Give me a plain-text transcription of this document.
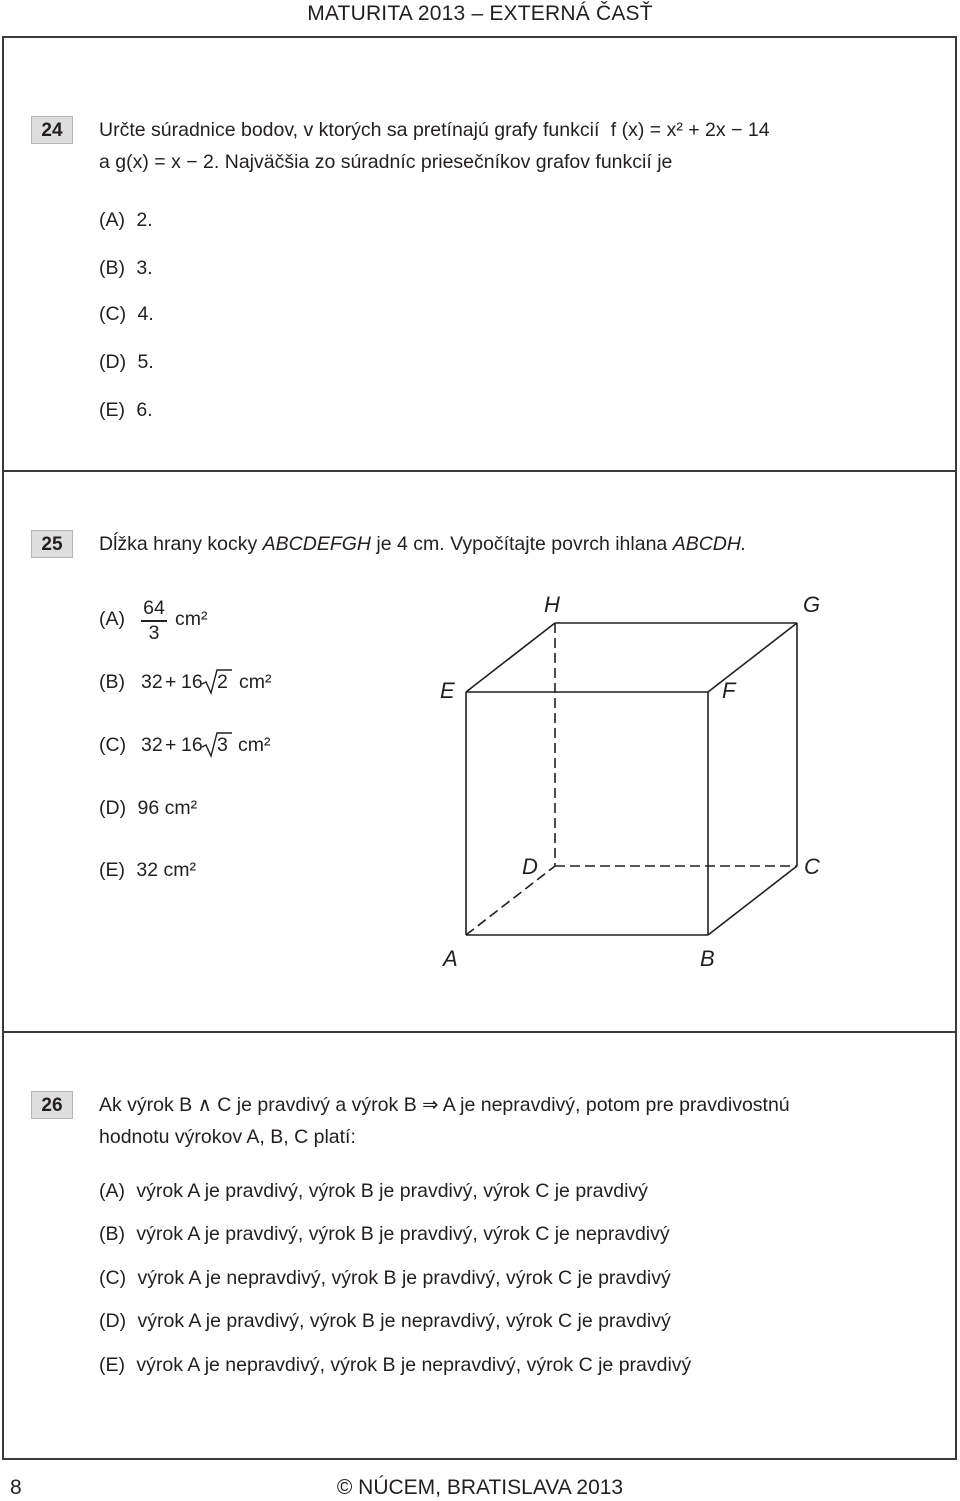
MATURITA 2013 – EXTERNÁ ČASŤ
24	Určte súradnice bodov, v ktorých sa pretínajú grafy funkcií f (x) = x² + 2x − 14
a g(x) = x − 2. Najväčšia zo súradníc priesečníkov grafov funkcií je
(A) 2.
(B) 3.
(C) 4.
(D) 5.
(E) 6.
25	Dĺžka hrany kocky ABCDEFGH je 4 cm. Vypočítajte povrch ihlana ABCDH.
(A) 64
3
cm²
(B) 32 + 16 2 cm²
(C) 32 + 16 3 cm²
(D) 96 cm²
(E) 32 cm²
H	G
E	F
D	C
A	B
26	Ak výrok B ∧ C je pravdivý a výrok B ⇒ A je nepravdivý, potom pre pravdivostnú
hodnotu výrokov A, B, C platí:
(A) výrok A je pravdivý, výrok B je pravdivý, výrok C je pravdivý
(B) výrok A je pravdivý, výrok B je pravdivý, výrok C je nepravdivý
(C) výrok A je nepravdivý, výrok B je pravdivý, výrok C je pravdivý
(D) výrok A je pravdivý, výrok B je nepravdivý, výrok C je pravdivý
(E) výrok A je nepravdivý, výrok B je nepravdivý, výrok C je pravdivý
8	© NÚCEM, BRATISLAVA 2013
